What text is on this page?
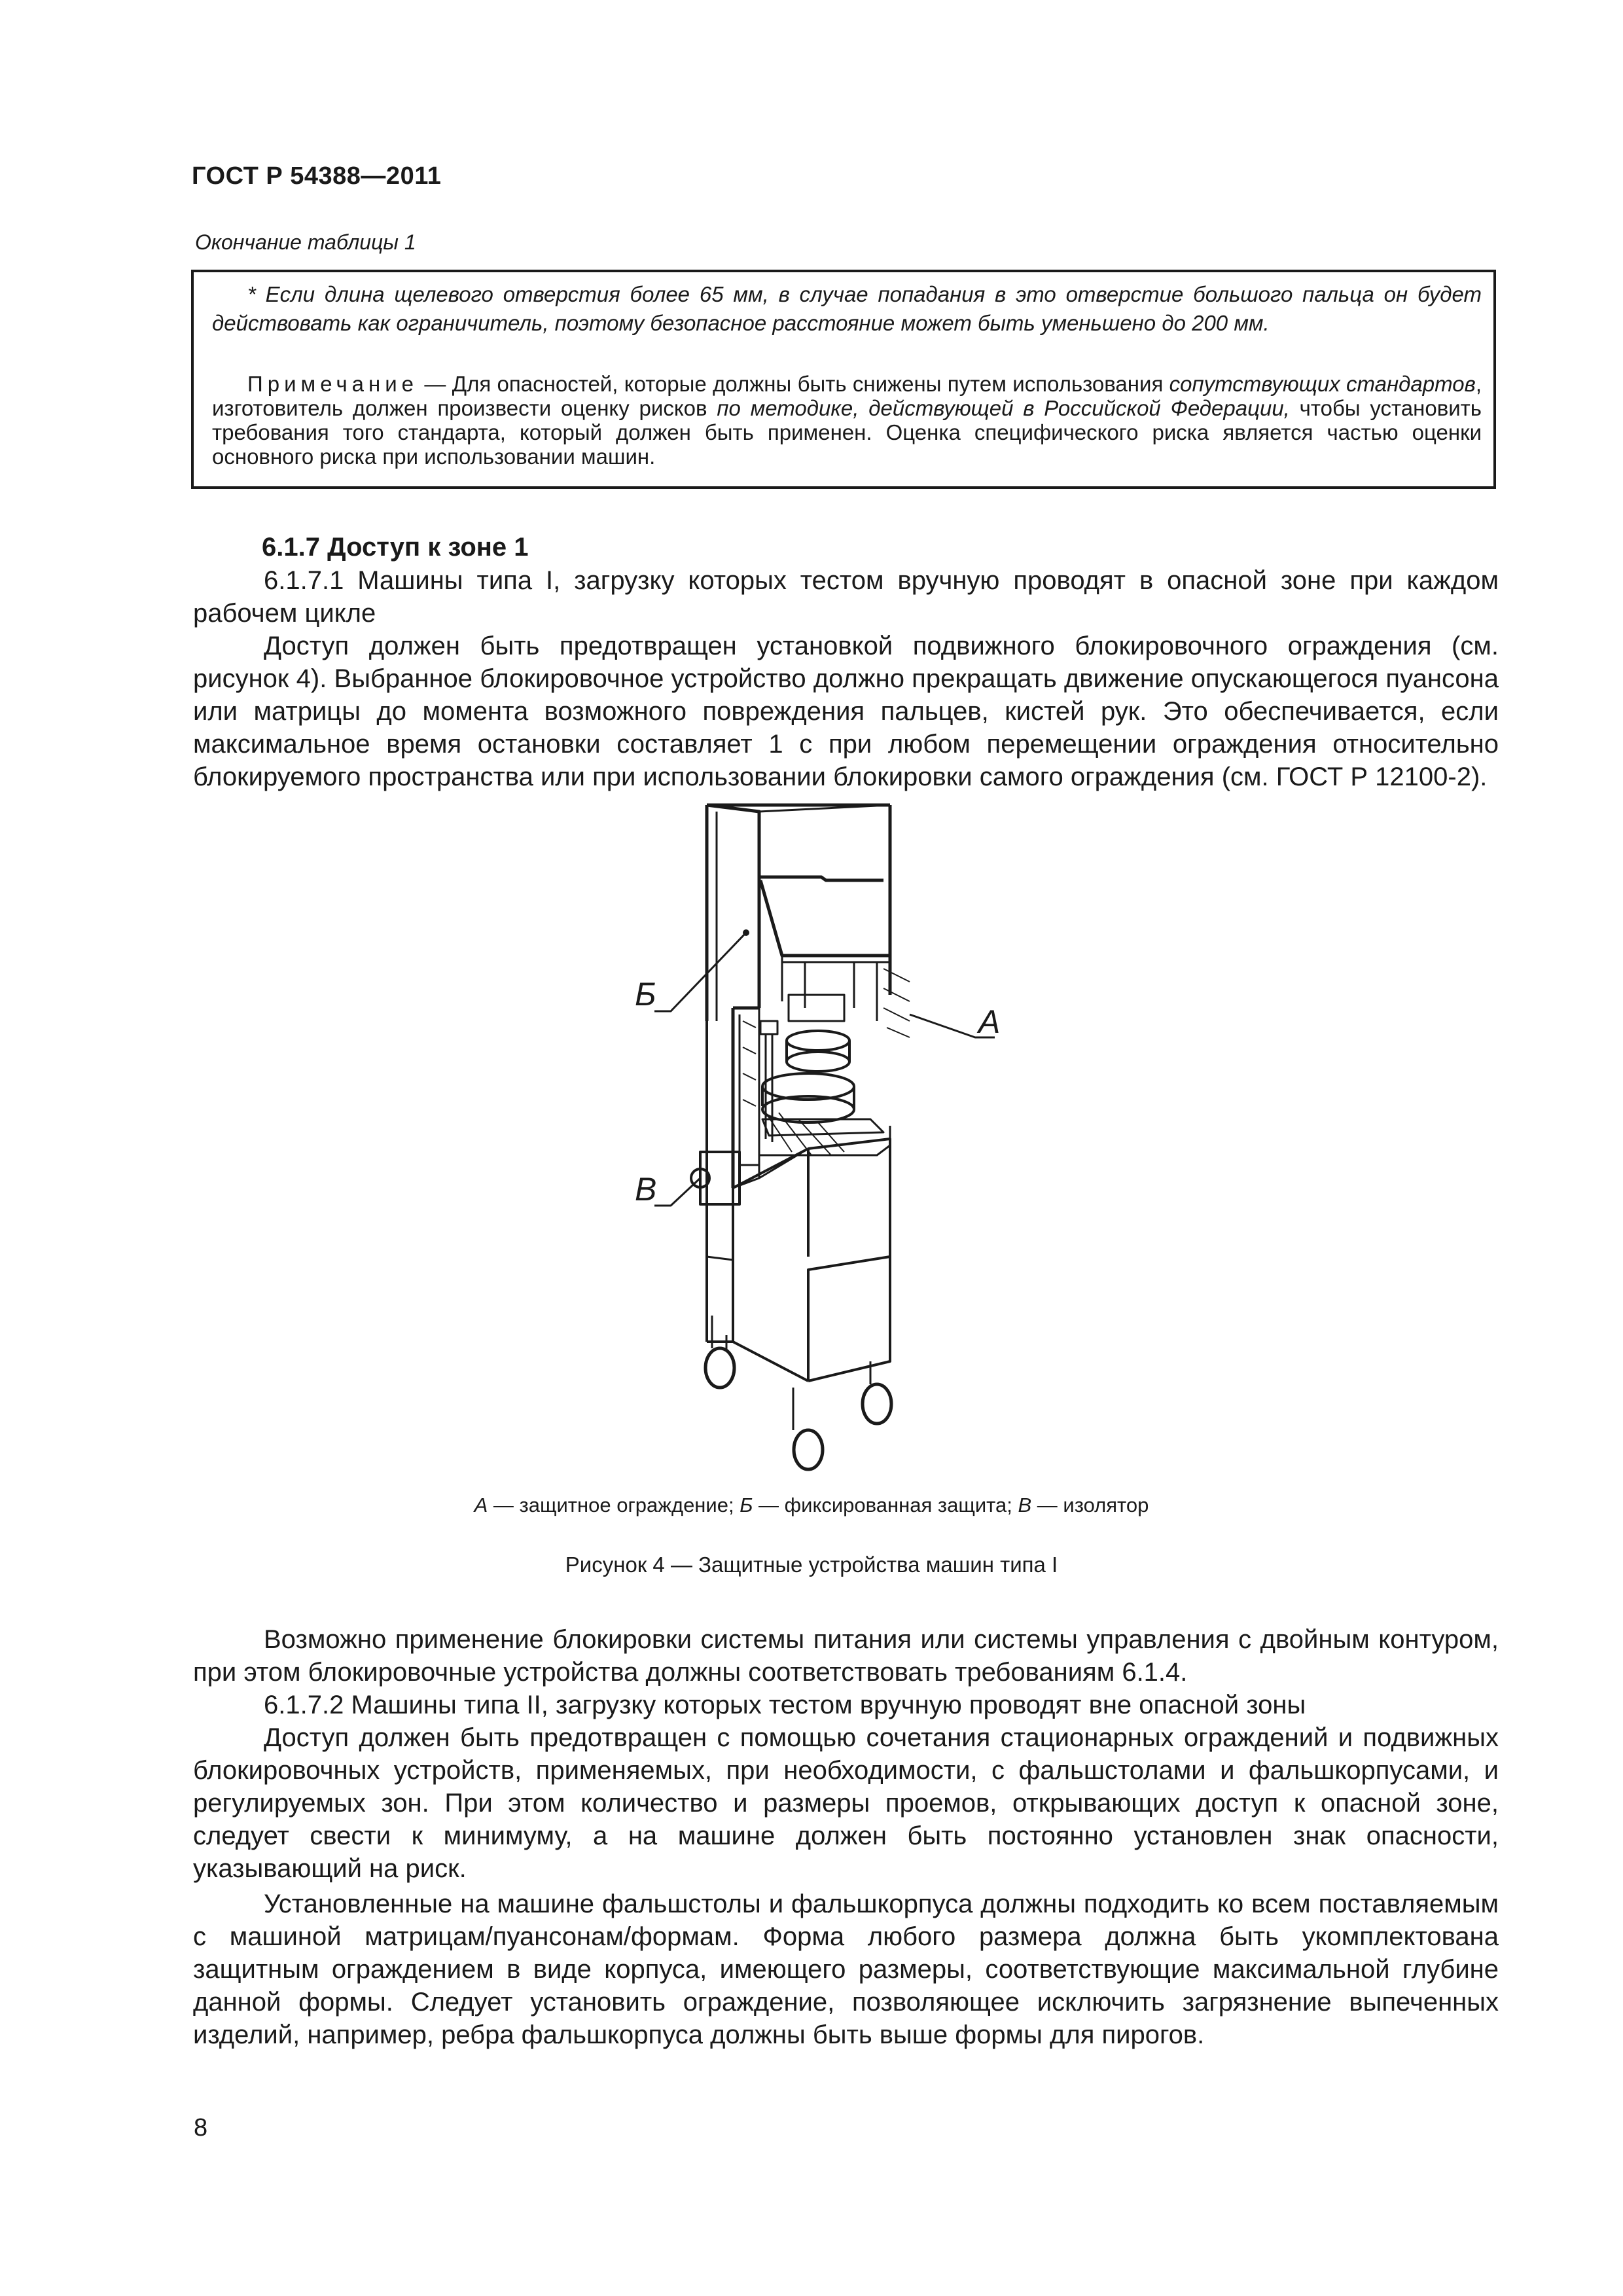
ГОСТ Р 54388—2011
Окончание таблицы 1
* Если длина щелевого отверстия более 65 мм, в случае попадания в это отверстие большого пальца он будет действовать как ограничитель, поэтому безопасное расстояние может быть уменьшено до 200 мм.
Примечание — Для опасностей, которые должны быть снижены путем использования сопутствующих стандартов, изготовитель должен произвести оценку рисков по методике, действующей в Российской Федерации, чтобы установить требования того стандарта, который должен быть применен. Оценка специфического риска является частью оценки основного риска при использовании машин.
6.1.7 Доступ к зоне 1
6.1.7.1 Машины типа I, загрузку которых тестом вручную проводят в опасной зоне при каждом рабочем цикле
Доступ должен быть предотвращен установкой подвижного блокировочного ограждения (см. рисунок 4). Выбранное блокировочное устройство должно прекращать движение опускающегося пуансона или матрицы до момента возможного повреждения пальцев, кистей рук. Это обеспечивается, если максимальное время остановки составляет 1 с при любом перемещении ограждения относительно блокируемого пространства или при использовании блокировки самого ограждения (см. ГОСТ Р 12100-2).
Б
А
В
А — защитное ограждение; Б — фиксированная защита; В — изолятор
Рисунок 4 — Защитные устройства машин типа I
Возможно применение блокировки системы питания или системы управления с двойным контуром, при этом блокировочные устройства должны соответствовать требованиям 6.1.4.
6.1.7.2 Машины типа II, загрузку которых тестом вручную проводят вне опасной зоны
Доступ должен быть предотвращен с помощью сочетания стационарных ограждений и подвижных блокировочных устройств, применяемых, при необходимости, с фальшстолами и фальшкорпусами, и регулируемых зон. При этом количество и размеры проемов, открывающих доступ к опасной зоне, следует свести к минимуму, а на машине должен быть постоянно установлен знак опасности, указывающий на риск.
Установленные на машине фальшстолы и фальшкорпуса должны подходить ко всем поставляемым с машиной матрицам/пуансонам/формам. Форма любого размера должна быть укомплектована защитным ограждением в виде корпуса, имеющего размеры, соответствующие максимальной глубине данной формы. Следует установить ограждение, позволяющее исключить загрязнение выпеченных изделий, например, ребра фальшкорпуса должны быть выше формы для пирогов.
8
